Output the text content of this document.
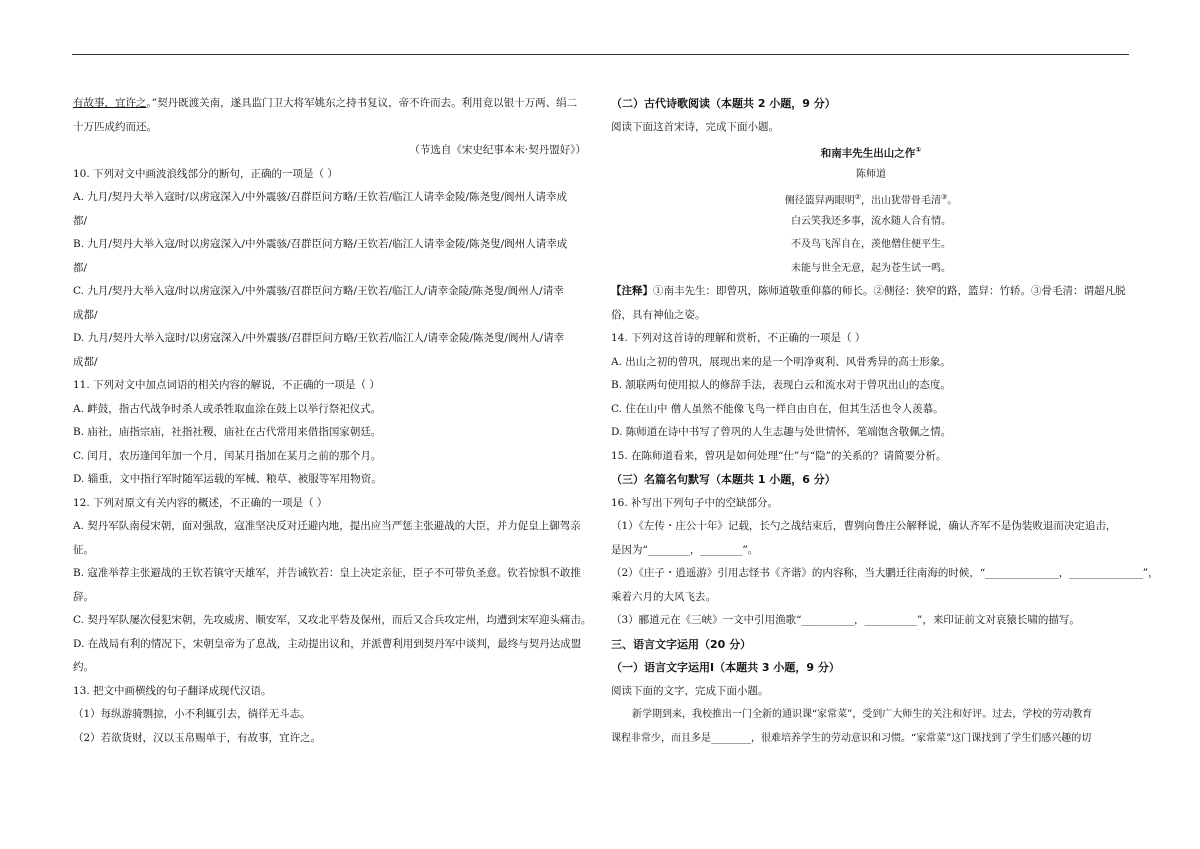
有故事，宜许之。”契丹既渡关南，遂具监门卫大将军姚东之持书复议，帝不许而去。利用竟以银十万两、绢二
十万匹成约而还。
（节选自《宋史纪事本末·契丹盟好》）
10. 下列对文中画波浪线部分的断句，正确的一项是（ ）
A. 九月/契丹大举入寇时/以虏寇深入/中外震骇/召群臣问方略/王钦若/临江人请幸金陵/陈尧叟/阆州人请幸成
都/
B. 九月/契丹大举入寇/时以虏寇深入/中外震骇/召群臣问方略/王钦若/临江人请幸金陵/陈尧叟/阆州人请幸成
都/
C. 九月/契丹大举入寇/时以虏寇深入/中外震骇/召群臣问方略/王钦若/临江人/请幸金陵/陈尧叟/阆州人/请幸
成都/
D. 九月/契丹大举入寇时/以虏寇深入/中外震骇/召群臣问方略/王钦若/临江人/请幸金陵/陈尧叟/阆州人/请幸
成都/
11. 下列对文中加点词语的相关内容的解说，不正确的一项是（ ）
A. 衅鼓，指古代战争时杀人或杀牲取血涂在鼓上以举行祭祀仪式。
B. 庙社，庙指宗庙，社指社稷，庙社在古代常用来借指国家朝廷。
C. 闰月，农历逢闰年加一个月，闰某月指加在某月之前的那个月。
D. 辎重，文中指行军时随军运载的军械、粮草、被服等军用物资。
12. 下列对原文有关内容的概述，不正确的一项是（ ）
A. 契丹军队南侵宋朝，面对强敌，寇准坚决反对迁避内地，提出应当严惩主张避战的大臣，并力促皇上御驾亲
征。
B. 寇准举荐主张避战的王钦若镇守天雄军，并告诫钦若：皇上决定亲征，臣子不可带负圣意。钦若惊惧不敢推
辞。
C. 契丹军队屡次侵犯宋朝，先攻威虏、顺安军，又攻北平砦及保州，而后又合兵攻定州，均遭到宋军迎头痛击。
D. 在战局有利的情况下，宋朝皇帝为了息战，主动提出议和，并派曹利用到契丹军中谈判，最终与契丹达成盟
约。
13. 把文中画横线的句子翻译成现代汉语。
（1）每纵游骑剽掠，小不利辄引去，徜徉无斗志。
（2）若欲货财，汉以玉帛赐单于，有故事，宜许之。
（二）古代诗歌阅读（本题共 2 小题，9 分）
阅读下面这首宋诗，完成下面小题。
和南丰先生出山之作①
陈师道
侧径篮舁两眼明②，出山犹带骨毛清③。
白云笑我还多事，流水随人合有情。
不及鸟飞浑自在，羡他僧住便平生。
未能与世全无意，起为苍生试一鸣。
【注释】①南丰先生：即曾巩，陈师道敬重仰慕的师长。②侧径：狭窄的路，篮舁：竹轿。③骨毛清：谓超凡脱俗，具有神仙之姿。
14. 下列对这首诗的理解和赏析，不正确的一项是（ ）
A. 出山之初的曾巩，展现出来的是一个明净爽利、风骨秀异的高士形象。
B. 颔联两句使用拟人的修辞手法，表现白云和流水对于曾巩出山的态度。
C. 住在山中 僧人虽然不能像飞鸟一样自由自在，但其生活也令人羡慕。
D. 陈师道在诗中书写了曾巩的人生志趣与处世情怀，笔端饱含敬佩之情。
15. 在陈师道看来，曾巩是如何处理“仕”与“隐”的关系的？请简要分析。
（三）名篇名句默写（本题共 1 小题，6 分）
16. 补写出下列句子中的空缺部分。
（1）《左传・庄公十年》记载，长勺之战结束后，曹刿向鲁庄公解释说，确认齐军不是伪装败退而决定追击，
是因为“________，________”。
（2）《庄子・逍遥游》引用志怪书《齐谐》的内容称，当大鹏迁往南海的时候，“______________，______________”，
乘着六月的大风飞去。
（3）郦道元在《三峡》一文中引用渔歌“__________，__________”，来印证前文对哀猿长啸的描写。
三、语言文字运用（20 分）
（一）语言文字运用Ⅰ（本题共 3 小题，9 分）
阅读下面的文字，完成下面小题。
新学期到来，我校推出一门全新的通识课“家常菜”，受到广大师生的关注和好评。过去，学校的劳动教育
课程非常少，而且多是________，很难培养学生的劳动意识和习惯。“家常菜”这门课找到了学生们感兴趣的切
